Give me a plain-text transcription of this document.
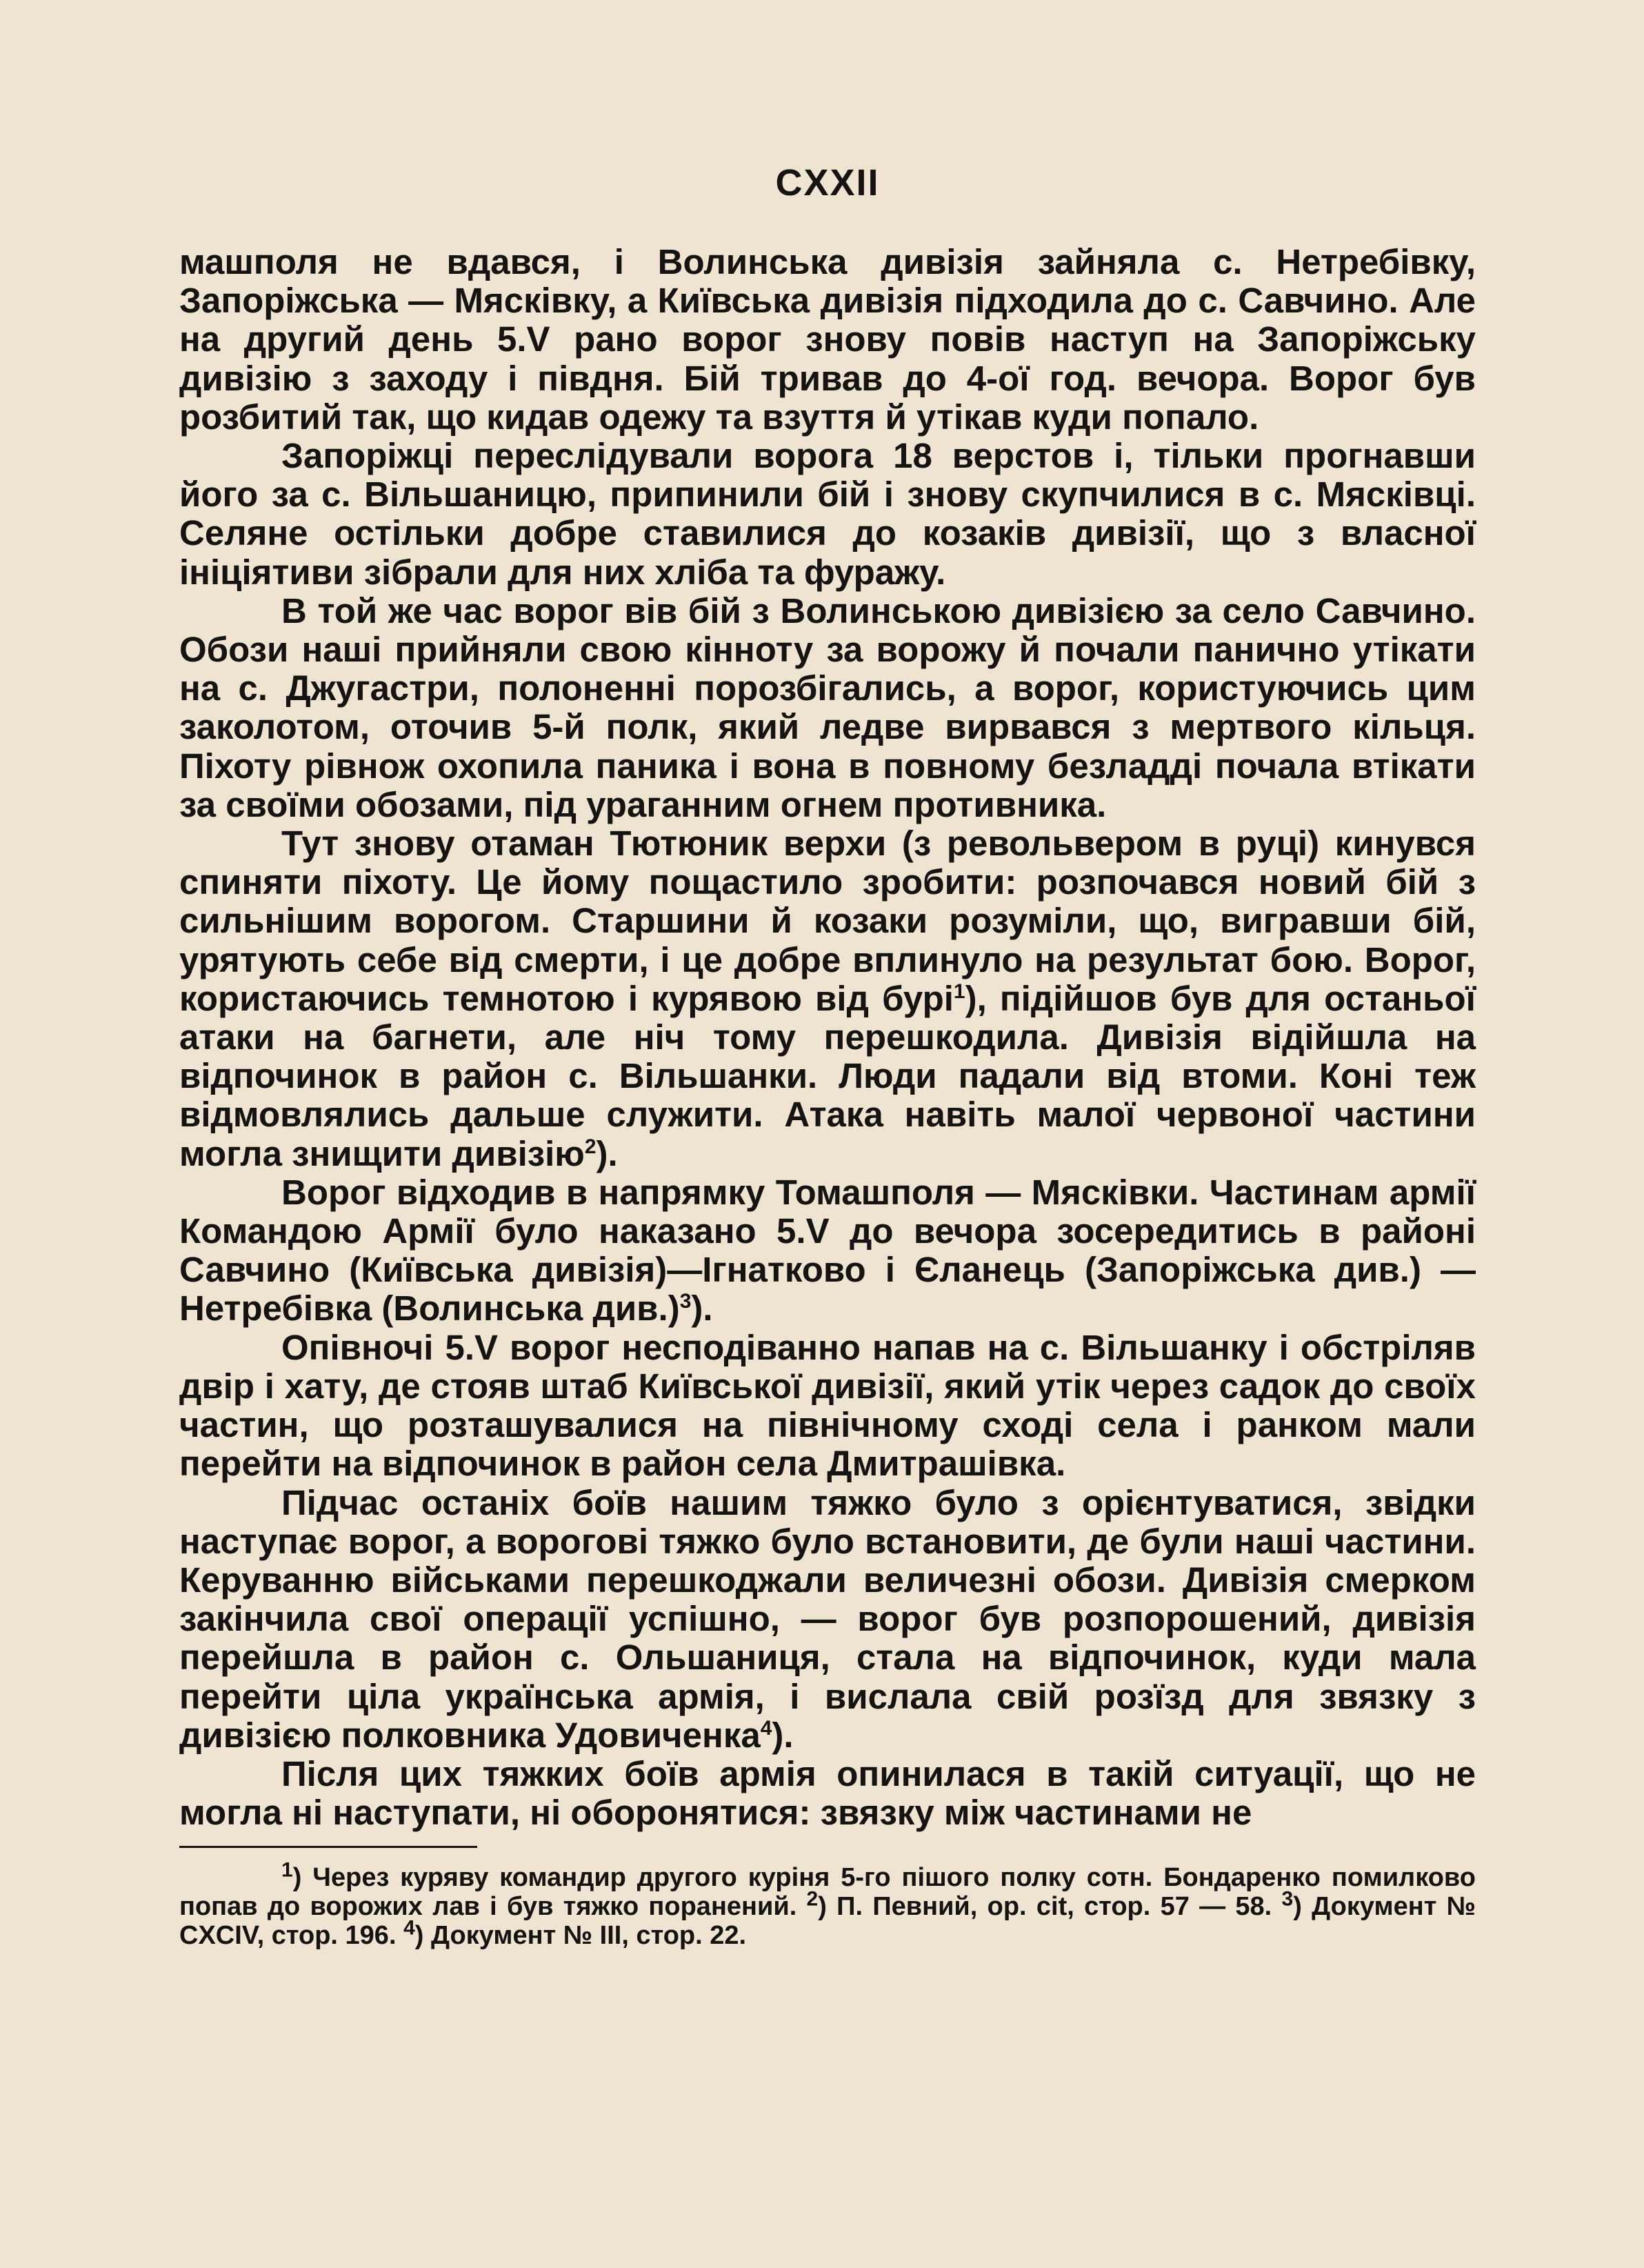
CXXII

машполя не вдався, і Волинська дивізія зайняла с. Нетребівку, Запоріжська — Мясківку, а Київська дивізія підходила до с. Савчино. Але на другий день 5.V рано ворог знову повів наступ на Запоріжську дивізію з заходу і півдня. Бій тривав до 4-ої год. вечора. Ворог був розбитий так, що кидав одежу та взуття й утікав куди попало.

Запоріжці переслідували ворога 18 верстов і, тільки прогнавши його за с. Вільшаницю, припинили бій і знову скупчилися в с. Мясківці. Селяне остільки добре ставилися до козаків дивізії, що з власної ініціятиви зібрали для них хліба та фуражу.

В той же час ворог вів бій з Волинською дивізією за село Савчино. Обози наші прийняли свою кінноту за ворожу й почали панично утікати на с. Джугастри, полоненні порозбігались, а ворог, користуючись цим заколотом, оточив 5-й полк, який ледве вирвався з мертвого кільця. Піхоту рівнож охопила паника і вона в повному безладді почала втікати за своїми обозами, під ураганним огнем противника.

Тут знову отаман Тютюник верхи (з револьвером в руці) кинувся спиняти піхоту. Це йому пощастило зробити: розпочався новий бій з сильнішим ворогом. Старшини й козаки розуміли, що, вигравши бій, урятують себе від смерти, і це добре вплинуло на результат бою. Ворог, користаючись темнотою і курявою від бурі$^1$), підійшов був для останьої атаки на багнети, але ніч тому перешкодила. Дивізія відійшла на відпочинок в район с. Вільшанки. Люди падали від втоми. Коні теж відмовлялись дальше служити. Атака навіть малої червоної частини могла знищити дивізію$^2$).

Ворог відходив в напрямку Томашполя — Мясківки. Частинам армії Командою Армії було наказано 5.V до вечора зосередитись в районі Савчино (Київська дивізія)—Ігнатково і Єланець (Запоріжська див.) — Нетребівка (Волинська див.)$^3$).

Опівночі 5.V ворог несподіванно напав на с. Вільшанку і обстріляв двір і хату, де стояв штаб Київської дивізії, який утік через садок до своїх частин, що розташувалися на північному сході села і ранком мали перейти на відпочинок в район села Дмитрашівка.

Підчас останіх боїв нашим тяжко було з орієнтуватися, звідки наступає ворог, а ворогові тяжко було встановити, де були наші частини. Керуванню військами перешкоджали величезні обози. Дивізія смерком закінчила свої операції успішно, — ворог був розпорошений, дивізія перейшла в район с. Ольшаниця, стала на відпочинок, куди мала перейти ціла українська армія, і вислала свій розїзд для звязку з дивізією полковника Удовиченка$^4$).

Після цих тяжких боїв армія опинилася в такій ситуації, що не могла ні наступати, ні оборонятися: звязку між частинами не

$^1$) Через куряву командир другого курiня 5-го пішого полку сотн. Бондаренко помилково попав до ворожих лав і був тяжко поранений. $^2$) П. Певний, ор. cit, стор. 57 — 58. $^3$) Документ № CXCIV, стор. 196. $^4$) Документ № III, стор. 22.
